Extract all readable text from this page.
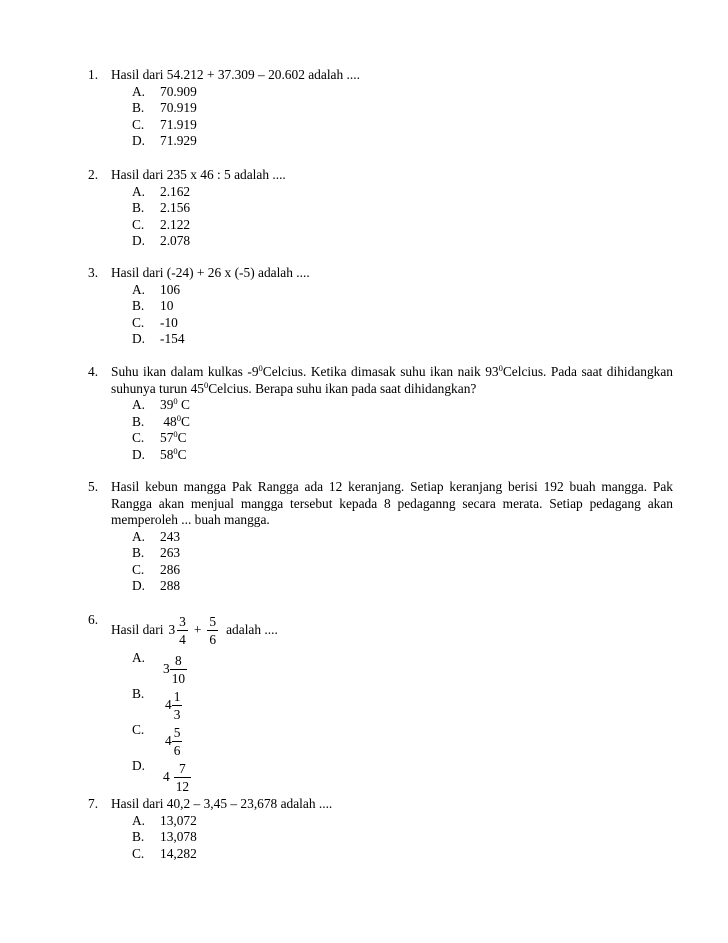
1. Hasil dari 54.212 + 37.309 – 20.602 adalah ....
A.	70.909
B.	70.919
C.	71.919
D.	71.929
2. Hasil dari 235 x 46 : 5 adalah ....
A.	2.162
B.	2.156
C.	2.122
D.	2.078
3. Hasil dari (-24) + 26 x (-5) adalah ....
A.	106
B.	10
C.	-10
D.	-154
4. Suhu ikan dalam kulkas $-9^0Celcius$. Ketika dimasak suhu ikan naik $93^0Celcius$. Pada saat dihidangkan suhunya turun $45^0Celcius$. Berapa suhu ikan pada saat dihidangkan?
A.	$39^0$ C
B.	$48^0C$
C.	$57^0C$
D.	$58^0C$
5. Hasil kebun mangga Pak Rangga ada 12 keranjang. Setiap keranjang berisi 192 buah mangga. Pak Rangga akan menjual mangga tersebut kepada 8 pedaganng secara merata. Setiap pedagang akan memperoleh ... buah mangga.
A.	243
B.	263
C.	286
D.	288
6.
Hasil dari $3 \frac{3}{4} + \frac{5}{6}$ adalah ....
A.
$3 \frac{8}{10}$
B.
$4 \frac{1}{3}$
C.
$4 \frac{5}{6}$
D.
$4 \frac{7}{12}$
7. Hasil dari 40,2 – 3,45 – 23,678 adalah ....
A.	13,072
B.	13,078
C.	14,282
